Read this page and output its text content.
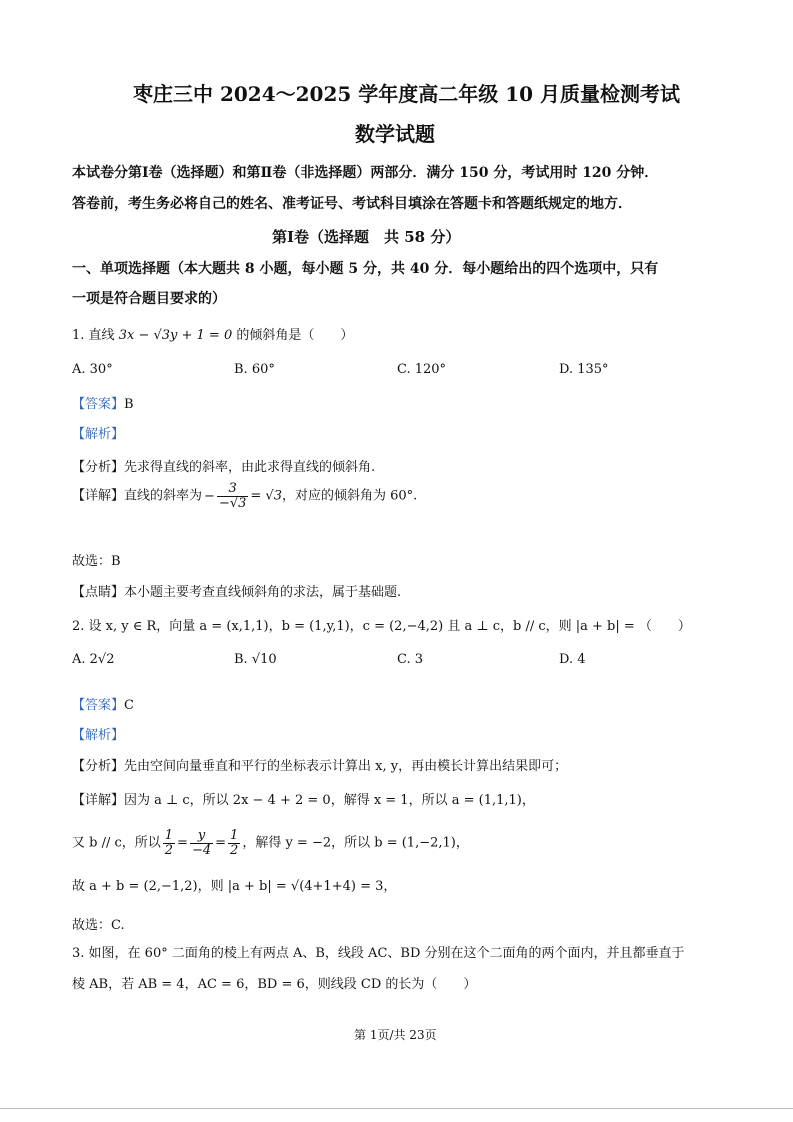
枣庄三中 2024～2025 学年度高二年级 10 月质量检测考试
数学试题
本试卷分第Ⅰ卷（选择题）和第Ⅱ卷（非选择题）两部分．满分 150 分，考试用时 120 分钟．
答卷前，考生务必将自己的姓名、准考证号、考试科目填涂在答题卡和答题纸规定的地方．
第Ⅰ卷（选择题　共 58 分）
一、单项选择题（本大题共 8 小题，每小题 5 分，共 40 分．每小题给出的四个选项中，只有
一项是符合题目要求的）
1. 直线 3x − √3y + 1 = 0 的倾斜角是（　　）
A. 30°	B. 60°	C. 120°	D. 135°
【答案】B
【解析】
【分析】先求得直线的斜率，由此求得直线的倾斜角.
【详解】直线的斜率为 − $\frac{3}{-√3} = √3$，对应的倾斜角为 60°.
故选：B
【点睛】本小题主要考查直线倾斜角的求法，属于基础题.
2. 设 x, y ∈ R，向量 a = (x,1,1)，b = (1,y,1)，c = (2,−4,2) 且 a ⊥ c，b // c，则 |a + b| = （　　）
A. 2√2	B. √10	C. 3	D. 4
【答案】C
【解析】
【分析】先由空间向量垂直和平行的坐标表示计算出 x, y，再由模长计算出结果即可；
【详解】因为 a ⊥ c，所以 2x − 4 + 2 = 0，解得 x = 1，所以 a = (1,1,1)，
又 b // c，所以 $\frac{1}{2} = \frac{y}{-4} = \frac{1}{2}$ ，解得 y = −2，所以 b = (1,−2,1)，
故 a + b = (2,−1,2)，则 |a + b| = √(4+1+4) = 3，
故选：C.
3. 如图，在 60° 二面角的棱上有两点 A、B，线段 AC、BD 分别在这个二面角的两个面内，并且都垂直于
棱 AB，若 AB = 4，AC = 6，BD = 6，则线段 CD 的长为（　　）
第 1页/共 23页
